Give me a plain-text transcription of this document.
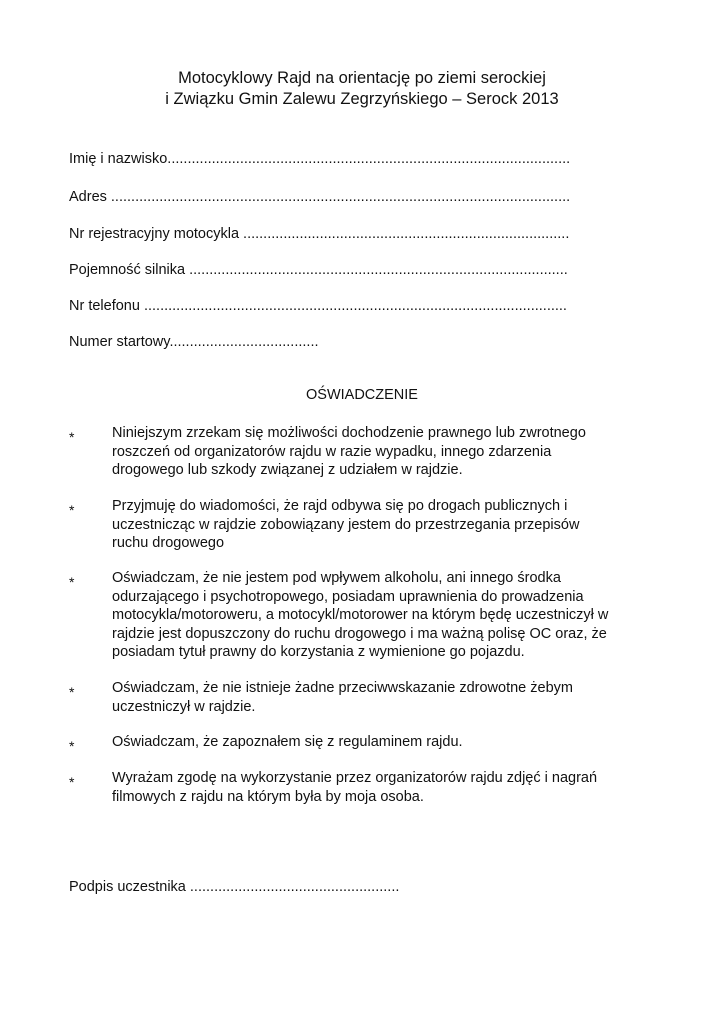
Motocyklowy Rajd na orientację po ziemi serockiej
i Związku Gmin Zalewu Zegrzyńskiego – Serock 2013
Imię i nazwisko....................................................................................................
Adres ..................................................................................................................
Nr rejestracyjny motocykla .................................................................................
Pojemność silnika ..............................................................................................
Nr telefonu .........................................................................................................
Numer startowy.....................................
OŚWIADCZENIE
*	Niniejszym zrzekam się możliwości dochodzenie prawnego lub zwrotnego
roszczeń od organizatorów rajdu w razie wypadku, innego zdarzenia
drogowego lub szkody związanej z udziałem w rajdzie.
*	Przyjmuję do wiadomości, że rajd odbywa się po drogach publicznych i
uczestnicząc w rajdzie zobowiązany jestem do przestrzegania przepisów
ruchu drogowego
*	Oświadczam, że nie jestem pod wpływem alkoholu, ani innego środka
odurzającego i psychotropowego, posiadam uprawnienia do prowadzenia
motocykla/motoroweru, a motocykl/motorower na którym będę uczestniczył w
rajdzie jest dopuszczony do ruchu drogowego i ma ważną polisę OC oraz, że
posiadam tytuł prawny do korzystania z wymienione go pojazdu.
*	Oświadczam, że nie istnieje żadne przeciwwskazanie zdrowotne żebym
uczestniczył w rajdzie.
*	Oświadczam, że zapoznałem się z regulaminem rajdu.
*	Wyrażam zgodę na wykorzystanie przez organizatorów rajdu zdjęć i nagrań
filmowych z rajdu na którym była by moja osoba.
Podpis uczestnika ....................................................
